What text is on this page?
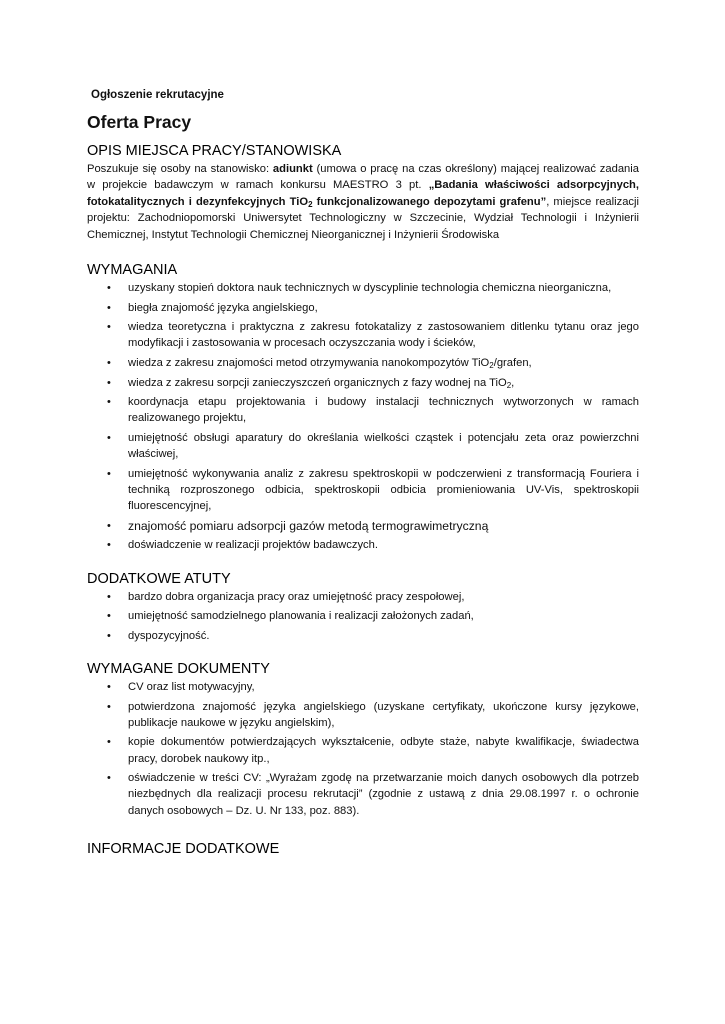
Ogłoszenie rekrutacyjne
Oferta Pracy
OPIS MIEJSCA PRACY/STANOWISKA

Poszukuje się osoby na stanowisko: adiunkt (umowa o pracę na czas określony) mającej realizować zadania w projekcie badawczym w ramach konkursu MAESTRO 3 pt. „Badania właściwości adsorpcyjnych, fotokatalitycznych i dezynfekcyjnych TiO$_2$ funkcjonalizowanego depozytami grafenu”, miejsce realizacji projektu: Zachodniopomorski Uniwersytet Technologiczny w Szczecinie, Wydział Technologii i Inżynierii Chemicznej, Instytut Technologii Chemicznej Nieorganicznej i Inżynierii Środowiska

WYMAGANIA
• uzyskany stopień doktora nauk technicznych w dyscyplinie technologia chemiczna nieorganiczna,
• biegła znajomość języka angielskiego,
• wiedza teoretyczna i praktyczna z zakresu fotokatalizy z zastosowaniem ditlenku tytanu oraz jego modyfikacji i zastosowania w procesach oczyszczania wody i ścieków,
• wiedza z zakresu znajomości metod otrzymywania nanokompozytów TiO$_2$/grafen,
• wiedza z zakresu sorpcji zanieczyszczeń organicznych z fazy wodnej na TiO$_2$,
• koordynacja etapu projektowania i budowy instalacji technicznych wytworzonych w ramach realizowanego projektu,
• umiejętność obsługi aparatury do określania wielkości cząstek i potencjału zeta oraz powierzchni właściwej,
• umiejętność wykonywania analiz z zakresu spektroskopii w podczerwieni z transformacją Fouriera i techniką rozproszonego odbicia, spektroskopii odbicia promieniowania UV-Vis, spektroskopii fluorescencyjnej,
• znajomość pomiaru adsorpcji gazów metodą termograwimetryczną
• doświadczenie w realizacji projektów badawczych.
DODATKOWE ATUTY
• bardzo dobra organizacja pracy oraz umiejętność pracy zespołowej,
• umiejętność samodzielnego planowania i realizacji założonych zadań,
• dyspozycyjność.
WYMAGANE DOKUMENTY
• CV oraz list motywacyjny,
• potwierdzona znajomość języka angielskiego (uzyskane certyfikaty, ukończone kursy językowe, publikacje naukowe w języku angielskim),
• kopie dokumentów potwierdzających wykształcenie, odbyte staże, nabyte kwalifikacje, świadectwa pracy, dorobek naukowy itp.,
• oświadczenie w treści CV: „Wyrażam zgodę na przetwarzanie moich danych osobowych dla potrzeb niezbędnych dla realizacji procesu rekrutacji” (zgodnie z ustawą z dnia 29.08.1997 r. o ochronie danych osobowych – Dz. U. Nr 133, poz. 883).
INFORMACJE DODATKOWE
